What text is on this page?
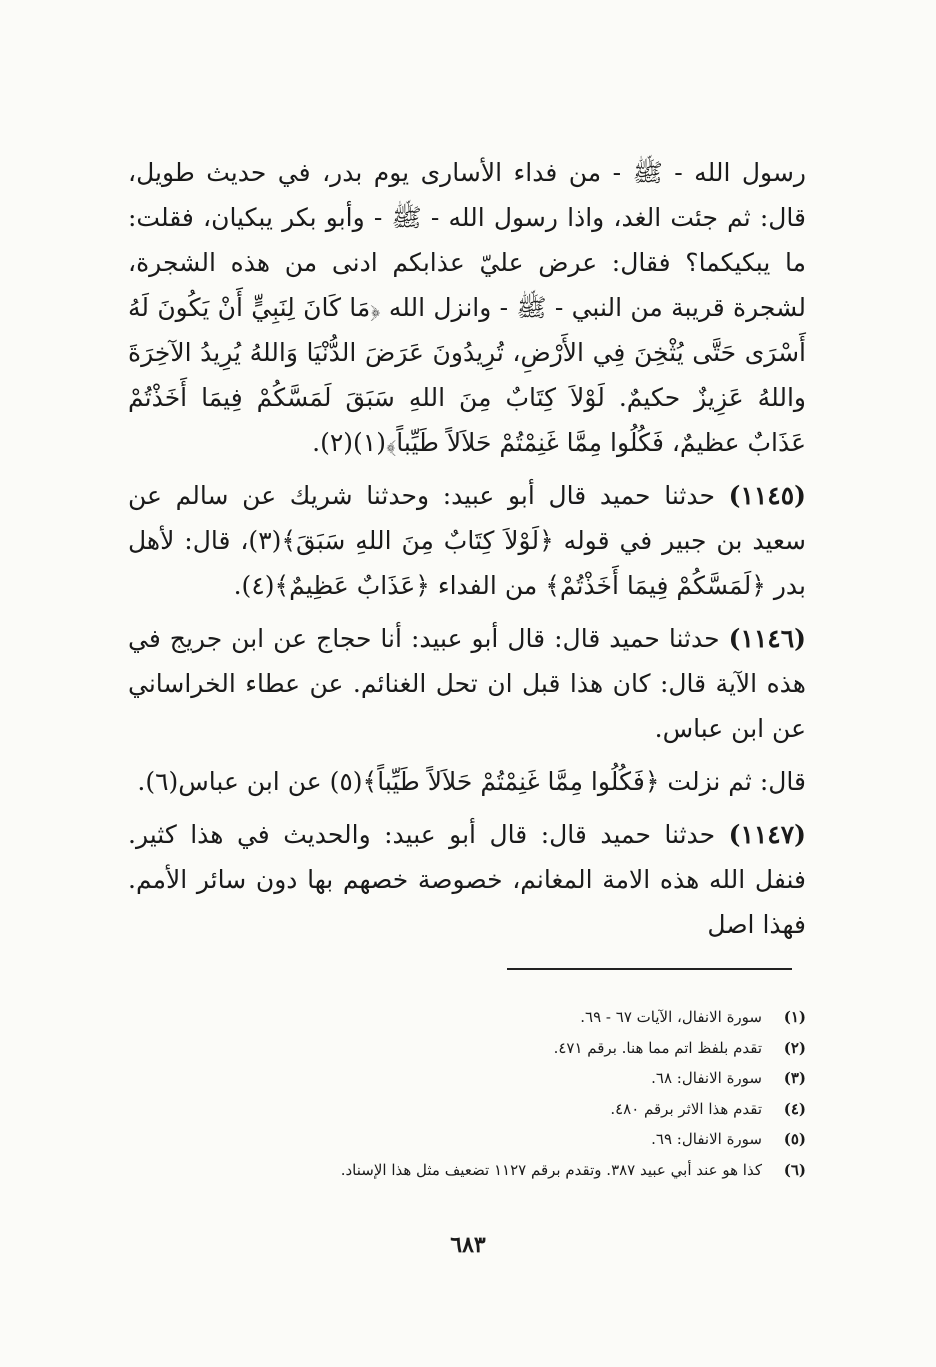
رسول الله - ﷺ - من فداء الأسارى يوم بدر، في حديث طويل، قال: ثم جئت الغد، واذا رسول الله - ﷺ - وأبو بكر يبكيان، فقلت: ما يبكيكما؟ فقال: عرض عليّ عذابكم ادنى من هذه الشجرة، لشجرة قريبة من النبي - ﷺ - وانزل الله ﴿مَا كَانَ لِنَبِيٍّ أَنْ يَكُونَ لَهُ أَسْرَى حَتَّى يُثْخِنَ فِي الأَرْضِ، تُرِيدُونَ عَرَضَ الدُّنْيَا وَاللهُ يُرِيدُ الآخِرَةَ واللهُ عَزِيزٌ حكيمٌ. لَوْلاَ كِتَابٌ مِنَ اللهِ سَبَقَ لَمَسَّكُمْ فِيمَا أَخَذْتُمْ عَذَابٌ عظيمٌ، فَكُلُوا مِمَّا غَنِمْتُمْ حَلاَلاً طَيِّباً﴾(١)(٢).

(١١٤٥) حدثنا حميد قال أبو عبيد: وحدثنا شريك عن سالم عن سعيد بن جبير في قوله ﴿لَوْلاَ كِتَابٌ مِنَ اللهِ سَبَقَ﴾(٣)، قال: لأهل بدر ﴿لَمَسَّكُمْ فِيمَا أَخَذْتُمْ﴾ من الفداء ﴿عَذَابٌ عَظِيمٌ﴾(٤).

(١١٤٦) حدثنا حميد قال: قال أبو عبيد: أنا حجاج عن ابن جريج في هذه الآية قال: كان هذا قبل ان تحل الغنائم. عن عطاء الخراساني عن ابن عباس.

قال: ثم نزلت ﴿فَكُلُوا مِمَّا غَنِمْتُمْ حَلاَلاً طَيِّباً﴾(٥) عن ابن عباس(٦).

(١١٤٧) حدثنا حميد قال: قال أبو عبيد: والحديث في هذا كثير. فنفل الله هذه الامة المغانم، خصوصة خصهم بها دون سائر الأمم. فهذا اصل

(١)
سورة الانفال، الآيات ٦٧ - ٦٩.
(٢)
تقدم بلفظ اتم مما هنا. برقم ٤٧١.
(٣)
سورة الانفال: ٦٨.
(٤)
تقدم هذا الاثر برقم ٤٨٠.
(٥)
سورة الانفال: ٦٩.
(٦)
كذا هو عند أبي عبيد ٣٨٧. وتقدم برقم ١١٢٧ تضعيف مثل هذا الإسناد.
٦٨٣
